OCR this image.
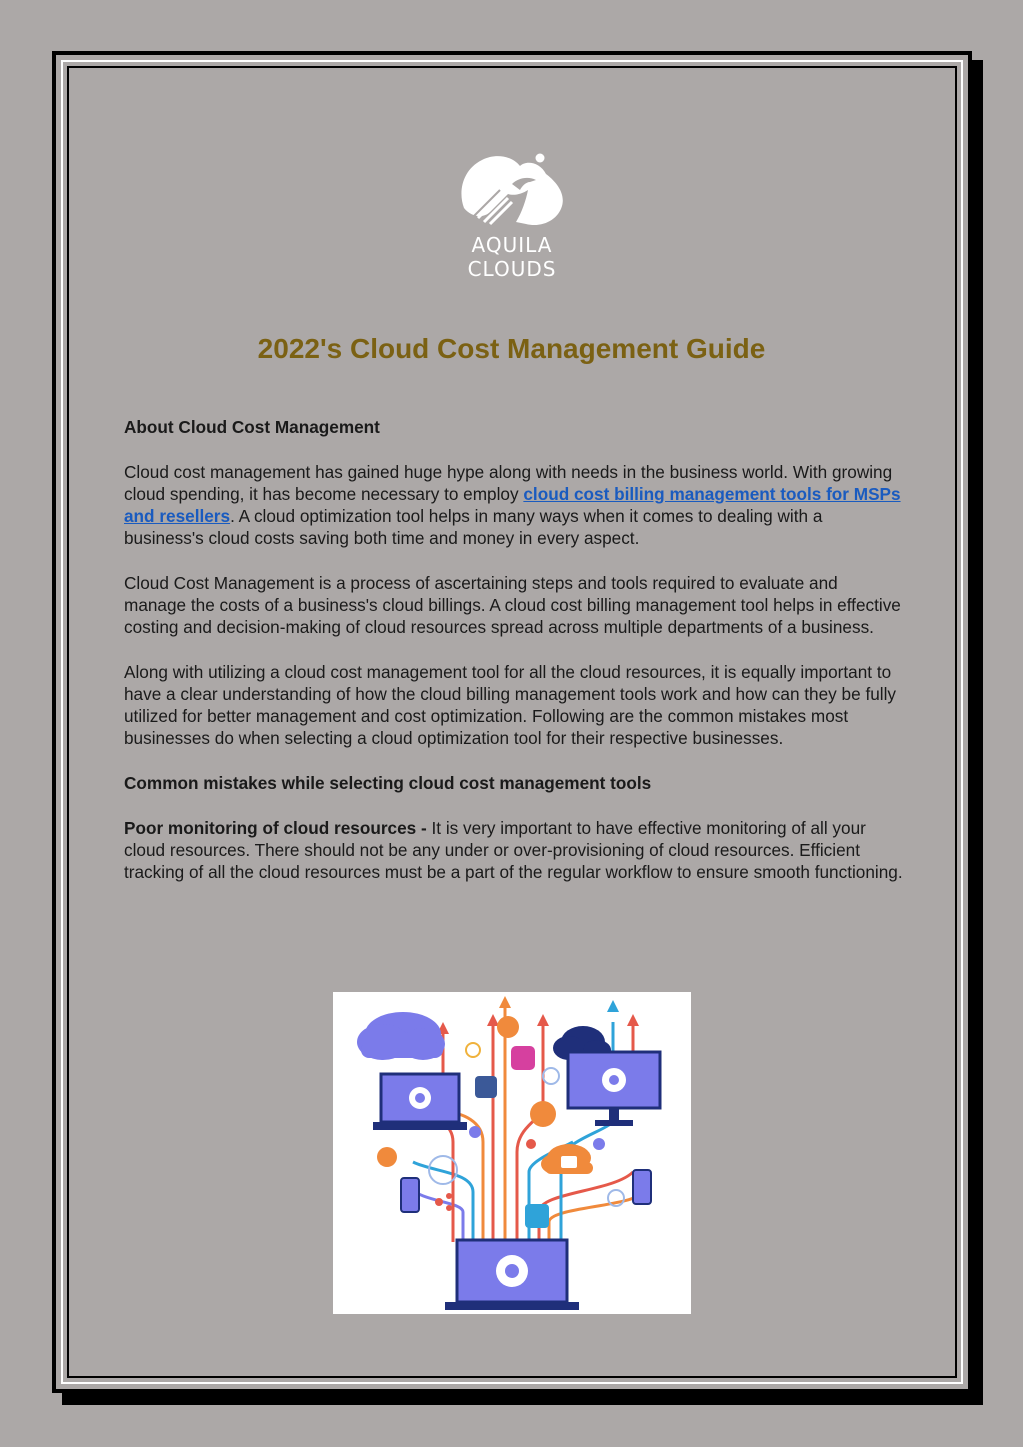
AQUILA
CLOUDS
2022's Cloud Cost Management Guide
About Cloud Cost Management

Cloud cost management has gained huge hype along with needs in the business world. With growing cloud spending, it has become necessary to employ cloud cost billing management tools for MSPs and resellers. A cloud optimization tool helps in many ways when it comes to dealing with a business's cloud costs saving both time and money in every aspect.

Cloud Cost Management is a process of ascertaining steps and tools required to evaluate and manage the costs of a business's cloud billings. A cloud cost billing management tool helps in effective costing and decision-making of cloud resources spread across multiple departments of a business.

Along with utilizing a cloud cost management tool for all the cloud resources, it is equally important to have a clear understanding of how the cloud billing management tools work and how can they be fully utilized for better management and cost optimization. Following are the common mistakes most businesses do when selecting a cloud optimization tool for their respective businesses.

Common mistakes while selecting cloud cost management tools

Poor monitoring of cloud resources - It is very important to have effective monitoring of all your cloud resources. There should not be any under or over-provisioning of cloud resources. Efficient tracking of all the cloud resources must be a part of the regular workflow to ensure smooth functioning.
